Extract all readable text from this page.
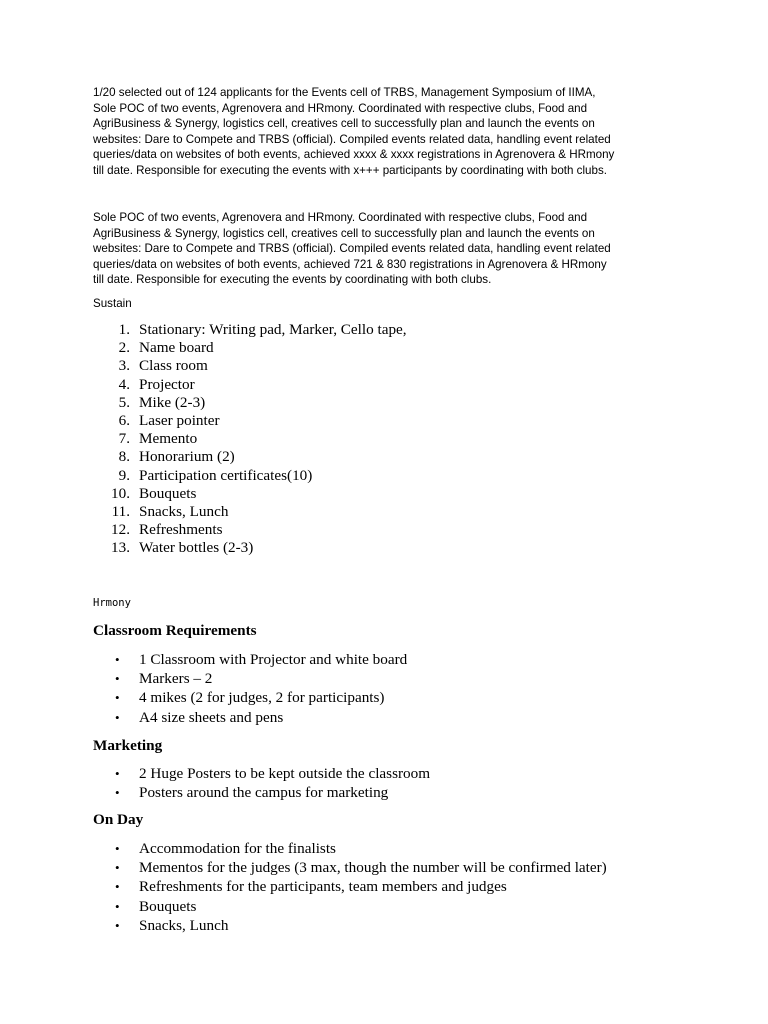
1/20 selected out of 124 applicants for the Events cell of TRBS, Management Symposium of IIMA,
Sole POC of two events, Agrenovera and HRmony. Coordinated with respective clubs, Food and
AgriBusiness & Synergy, logistics cell, creatives cell to successfully plan and launch the events on
websites: Dare to Compete and TRBS (official). Compiled events related data, handling event related
queries/data on websites of both events, achieved xxxx & xxxx registrations in Agrenovera & HRmony
till date. Responsible for executing the events with x+++ participants by coordinating with both clubs.

Sole POC of two events, Agrenovera and HRmony. Coordinated with respective clubs, Food and
AgriBusiness & Synergy, logistics cell, creatives cell to successfully plan and launch the events on
websites: Dare to Compete and TRBS (official). Compiled events related data, handling event related
queries/data on websites of both events, achieved 721 & 830 registrations in Agrenovera & HRmony
till date. Responsible for executing the events by coordinating with both clubs.

Sustain

1. Stationary: Writing pad, Marker, Cello tape,
2. Name board
3. Class room
4. Projector
5. Mike (2-3)
6. Laser pointer
7. Memento
8. Honorarium (2)
9. Participation certificates(10)
10. Bouquets
11. Snacks, Lunch
12. Refreshments
13. Water bottles (2-3)

Hrmony

Classroom Requirements
• 1 Classroom with Projector and white board
• Markers – 2
• 4 mikes (2 for judges, 2 for participants)
• A4 size sheets and pens
Marketing
• 2 Huge Posters to be kept outside the classroom
• Posters around the campus for marketing
On Day
• Accommodation for the finalists
• Mementos for the judges (3 max, though the number will be confirmed later)
• Refreshments for the participants, team members and judges
• Bouquets
• Snacks, Lunch
